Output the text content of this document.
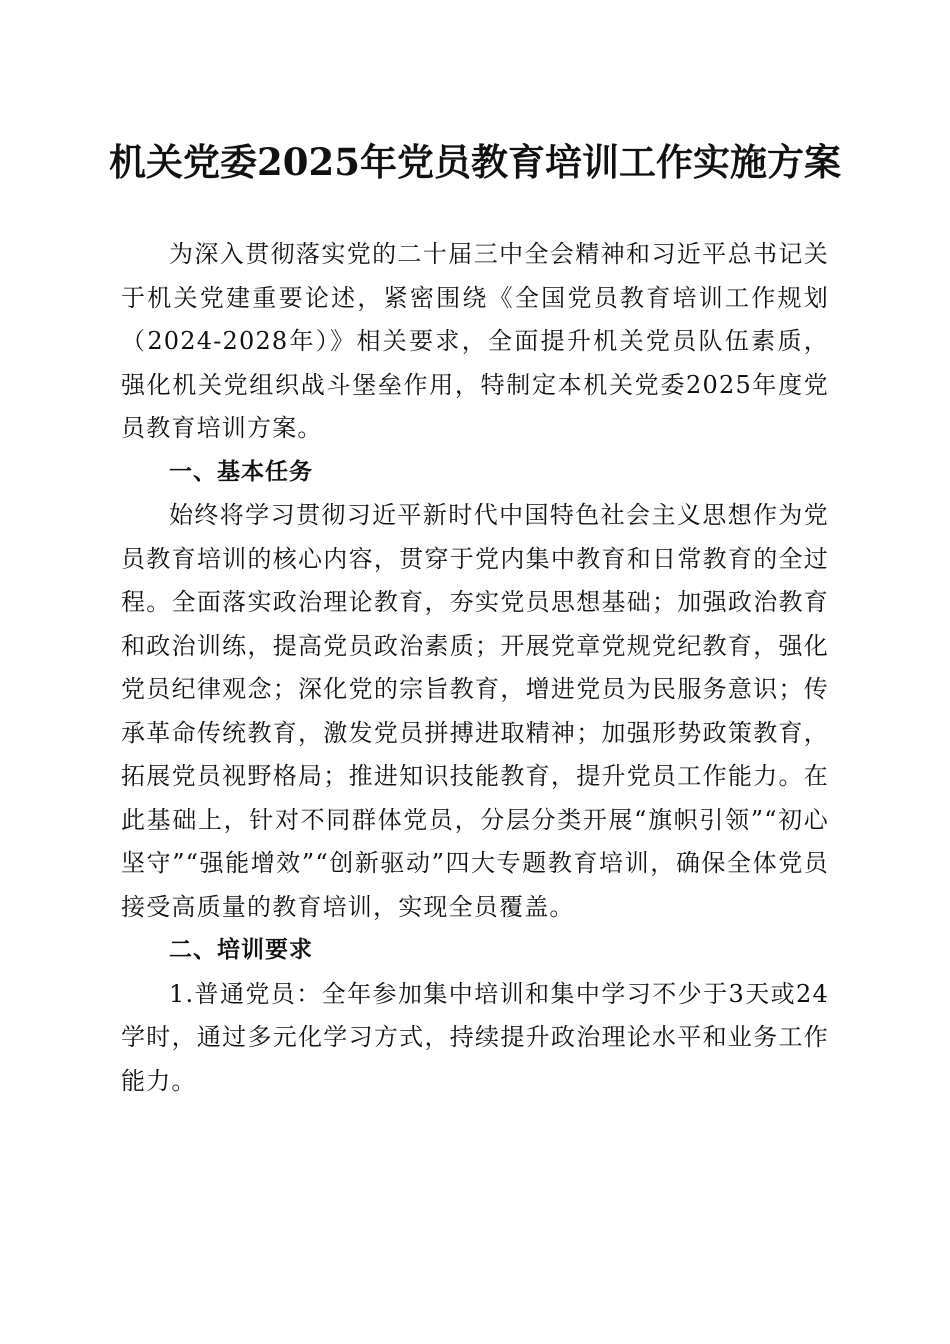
机关党委2025年党员教育培训工作实施方案

为深入贯彻落实党的二十届三中全会精神和习近平总书记关于机关党建重要论述，紧密围绕《全国党员教育培训工作规划（2024-2028年）》相关要求，全面提升机关党员队伍素质，强化机关党组织战斗堡垒作用，特制定本机关党委2025年度党员教育培训方案。

一、基本任务

始终将学习贯彻习近平新时代中国特色社会主义思想作为党员教育培训的核心内容，贯穿于党内集中教育和日常教育的全过程。全面落实政治理论教育，夯实党员思想基础；加强政治教育和政治训练，提高党员政治素质；开展党章党规党纪教育，强化党员纪律观念；深化党的宗旨教育，增进党员为民服务意识；传承革命传统教育，激发党员拼搏进取精神；加强形势政策教育，拓展党员视野格局；推进知识技能教育，提升党员工作能力。在此基础上，针对不同群体党员，分层分类开展“旗帜引领”“初心坚守”“强能增效”“创新驱动”四大专题教育培训，确保全体党员接受高质量的教育培训，实现全员覆盖。

二、培训要求

1.普通党员：全年参加集中培训和集中学习不少于3天或24学时，通过多元化学习方式，持续提升政治理论水平和业务工作能力。
